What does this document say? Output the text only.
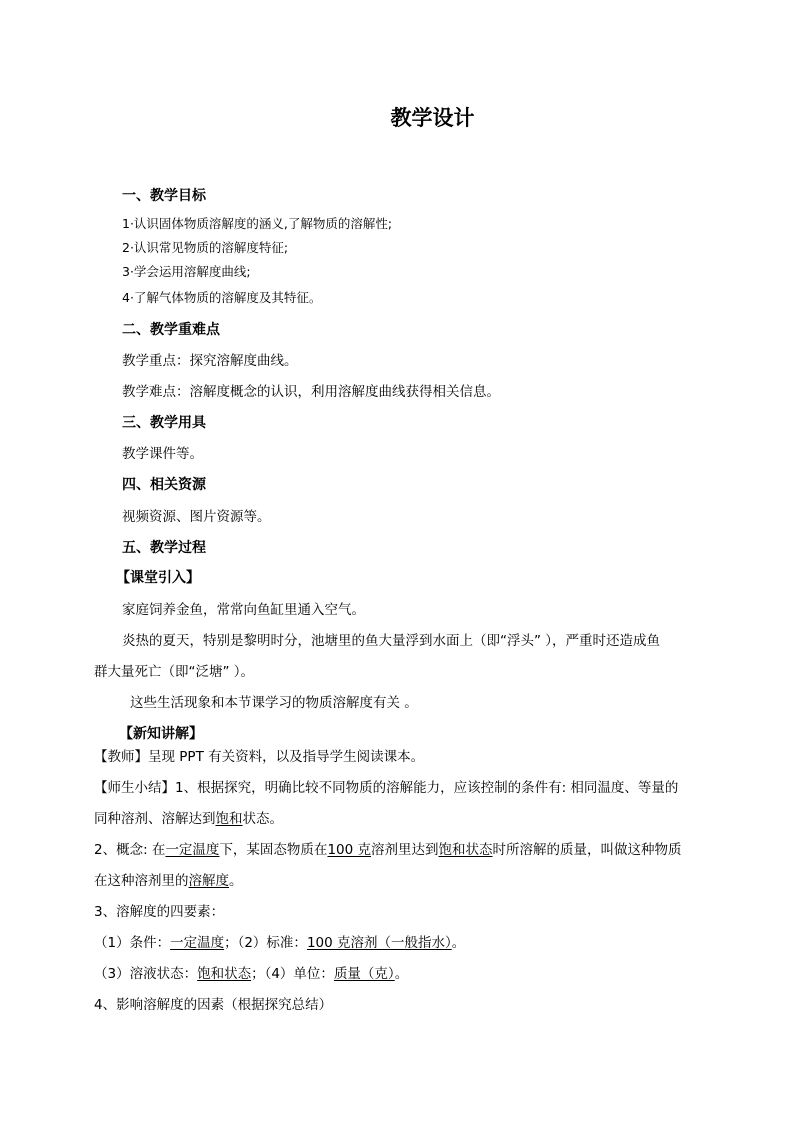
教学设计
一、教学目标
1·认识固体物质溶解度的涵义,了解物质的溶解性;
2·认识常见物质的溶解度特征;
3·学会运用溶解度曲线;
4·了解气体物质的溶解度及其特征。
二、教学重难点
教学重点：探究溶解度曲线。
教学难点：溶解度概念的认识，利用溶解度曲线获得相关信息。
三、教学用具
教学课件等。
四、相关资源
视频资源、图片资源等。
五、教学过程
【课堂引入】
家庭饲养金鱼，常常向鱼缸里通入空气。
炎热的夏天，特别是黎明时分，池塘里的鱼大量浮到水面上（即“浮头” ），严重时还造成鱼
群大量死亡（即“泛塘” ）。
这些生活现象和本节课学习的物质溶解度有关 。
【新知讲解】
【教师】呈现 PPT 有关资料，以及指导学生阅读课本。
【师生小结】1、根据探究，明确比较不同物质的溶解能力，应该控制的条件有: 相同温度、等量的
同种溶剂、溶解达到饱和状态。
2、概念: 在一定温度下，某固态物质在100 克溶剂里达到饱和状态时所溶解的质量，叫做这种物质
在这种溶剂里的溶解度。
3、溶解度的四要素：
（1）条件：一定温度；（2）标准：100 克溶剂（一般指水）。
（3）溶液状态：饱和状态；（4）单位：质量（克）。
4、影响溶解度的因素（根据探究总结）
